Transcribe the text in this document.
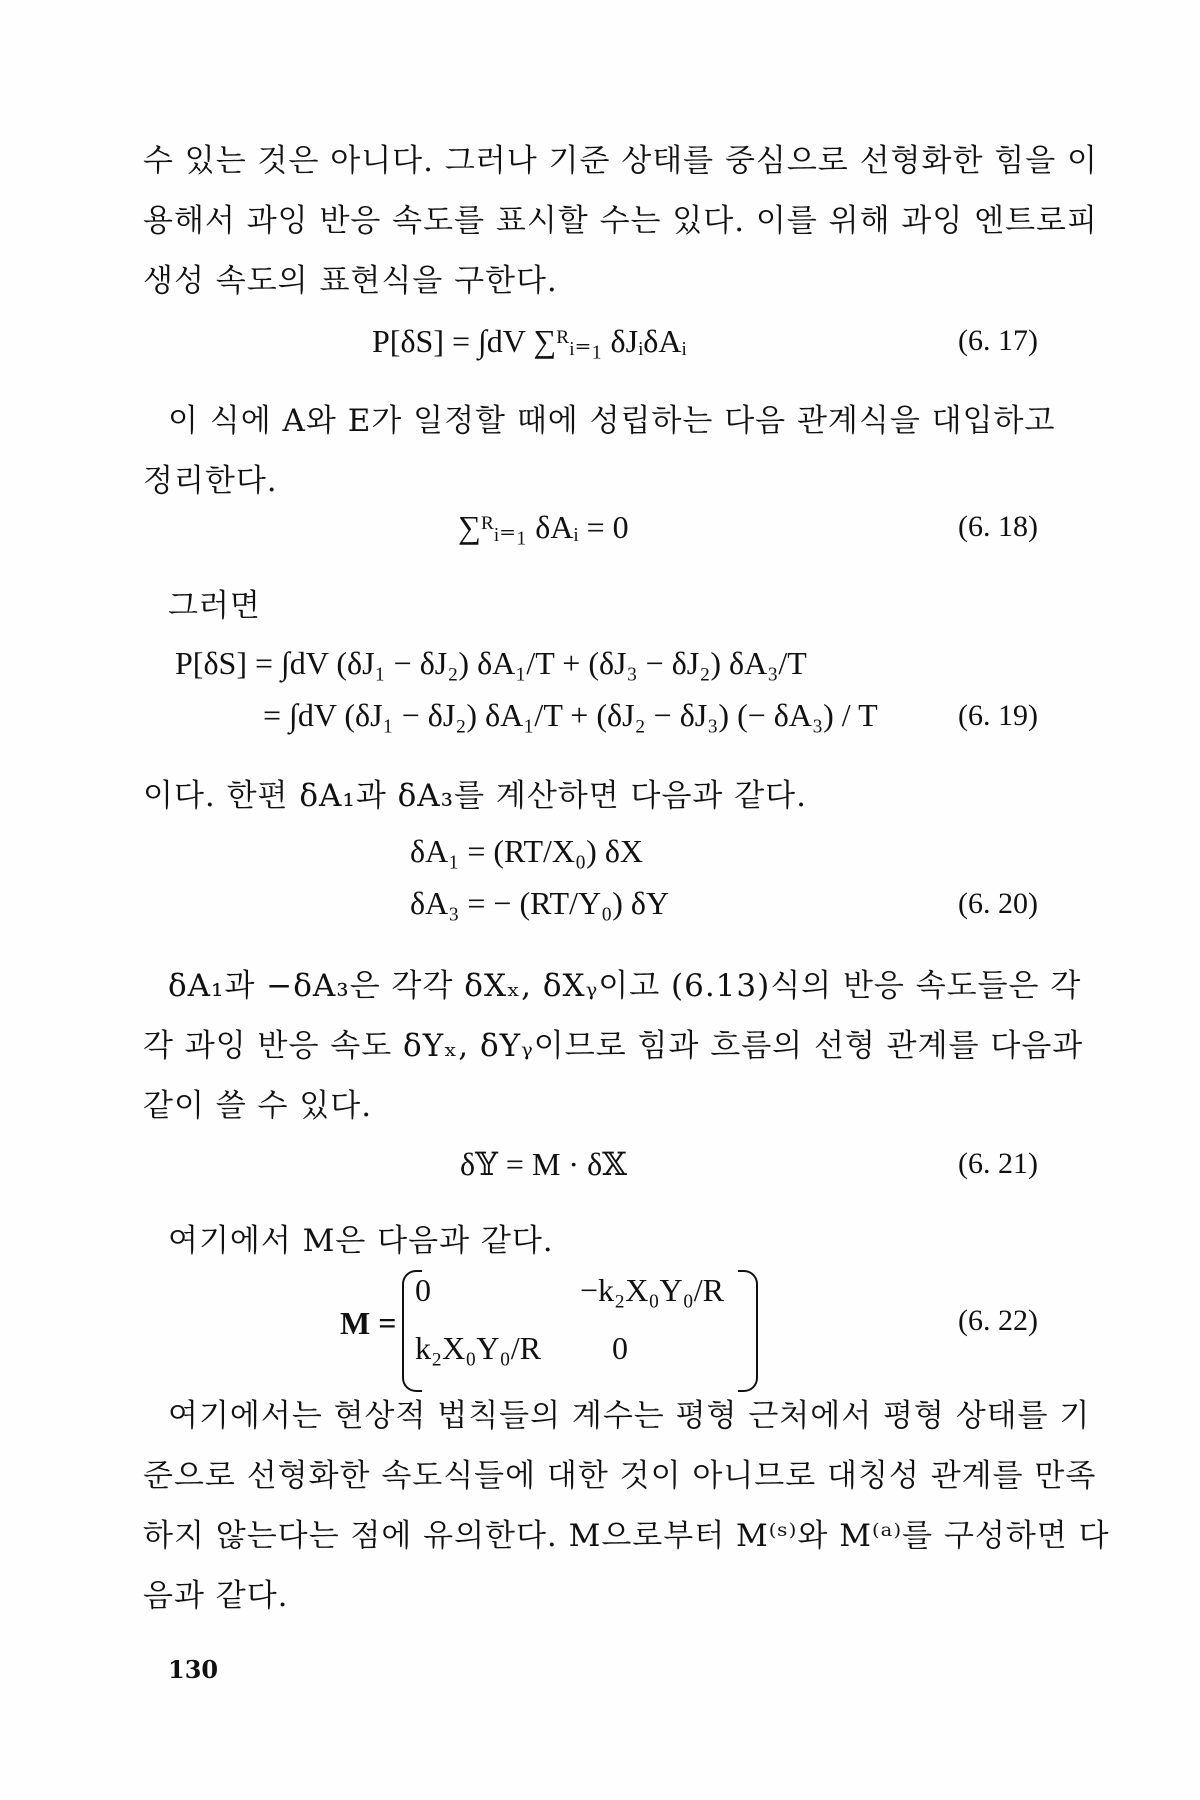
수 있는 것은 아니다. 그러나 기준 상태를 중심으로 선형화한 힘을 이
용해서 과잉 반응 속도를 표시할 수는 있다. 이를 위해 과잉 엔트로피
생성 속도의 표현식을 구한다.
P[δS] = ∫dV ∑ᴿᵢ₌₁ δJᵢδAᵢ	(6. 17)
이 식에 A와 E가 일정할 때에 성립하는 다음 관계식을 대입하고
정리한다.
∑ᴿᵢ₌₁ δAᵢ = 0	(6. 18)
그러면
P[δS] = ∫dV (δJ₁ − δJ₂) δA₁/T + (δJ₃ − δJ₂) δA₃/T
= ∫dV (δJ₁ − δJ₂) δA₁/T + (δJ₂ − δJ₃) (− δA₃) / T	(6. 19)
이다. 한편 δA₁과 δA₃를 계산하면 다음과 같다.
δA₁ = (RT/X₀) δX
δA₃ = − (RT/Y₀) δY	(6. 20)
δA₁과 −δA₃은 각각 δXₓ, δXᵧ이고 (6.13)식의 반응 속도들은 각
각 과잉 반응 속도 δYₓ, δYᵧ이므로 힘과 흐름의 선형 관계를 다음과
같이 쓸 수 있다.
δ𝕐 = M · δ𝕏	(6. 21)
여기에서 M은 다음과 같다.
M =
0	−k₂X₀Y₀/R
k₂X₀Y₀/R 0
(6. 22)
여기에서는 현상적 법칙들의 계수는 평형 근처에서 평형 상태를 기
준으로 선형화한 속도식들에 대한 것이 아니므로 대칭성 관계를 만족
하지 않는다는 점에 유의한다. M으로부터 M⁽ˢ⁾와 M⁽ᵃ⁾를 구성하면 다
음과 같다.
130
